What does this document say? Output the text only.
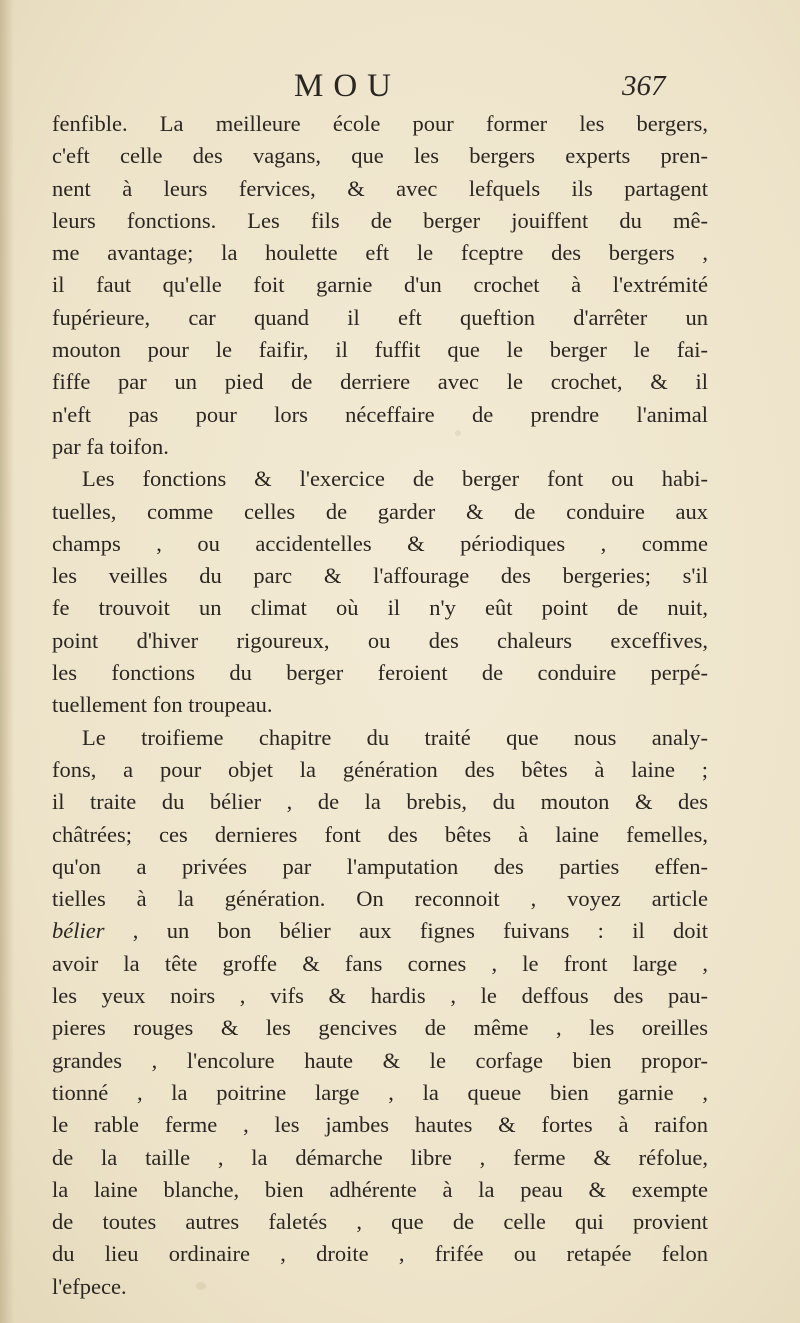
MOU	367
fenfible. La meilleure école pour former les bergers,
c'eft celle des vagans, que les bergers experts pren-
nent à leurs fervices, & avec lefquels ils partagent
leurs fonctions. Les fils de berger jouiffent du mê-
me avantage; la houlette eft le fceptre des bergers ,
il faut qu'elle foit garnie d'un crochet à l'extrémité
fupérieure, car quand il eft queftion d'arrêter un
mouton pour le faifir, il fuffit que le berger le fai-
fiffe par un pied de derriere avec le crochet, & il
n'eft pas pour lors néceffaire de prendre l'animal
par fa toifon.
Les fonctions & l'exercice de berger font ou habi-
tuelles, comme celles de garder & de conduire aux
champs , ou accidentelles & périodiques , comme
les veilles du parc & l'affourage des bergeries; s'il
fe trouvoit un climat où il n'y eût point de nuit,
point d'hiver rigoureux, ou des chaleurs exceffives,
les fonctions du berger feroient de conduire perpé-
tuellement fon troupeau.
Le troifieme chapitre du traité que nous analy-
fons, a pour objet la génération des bêtes à laine ;
il traite du bélier , de la brebis, du mouton & des
châtrées; ces dernieres font des bêtes à laine femelles,
qu'on a privées par l'amputation des parties effen-
tielles à la génération. On reconnoit , voyez article
bélier , un bon bélier aux fignes fuivans : il doit
avoir la tête groffe & fans cornes , le front large ,
les yeux noirs , vifs & hardis , le deffous des pau-
pieres rouges & les gencives de même , les oreilles
grandes , l'encolure haute & le corfage bien propor-
tionné , la poitrine large , la queue bien garnie ,
le rable ferme , les jambes hautes & fortes à raifon
de la taille , la démarche libre , ferme & réfolue,
la laine blanche, bien adhérente à la peau & exempte
de toutes autres faletés , que de celle qui provient
du lieu ordinaire , droite , frifée ou retapée felon
l'efpece.
